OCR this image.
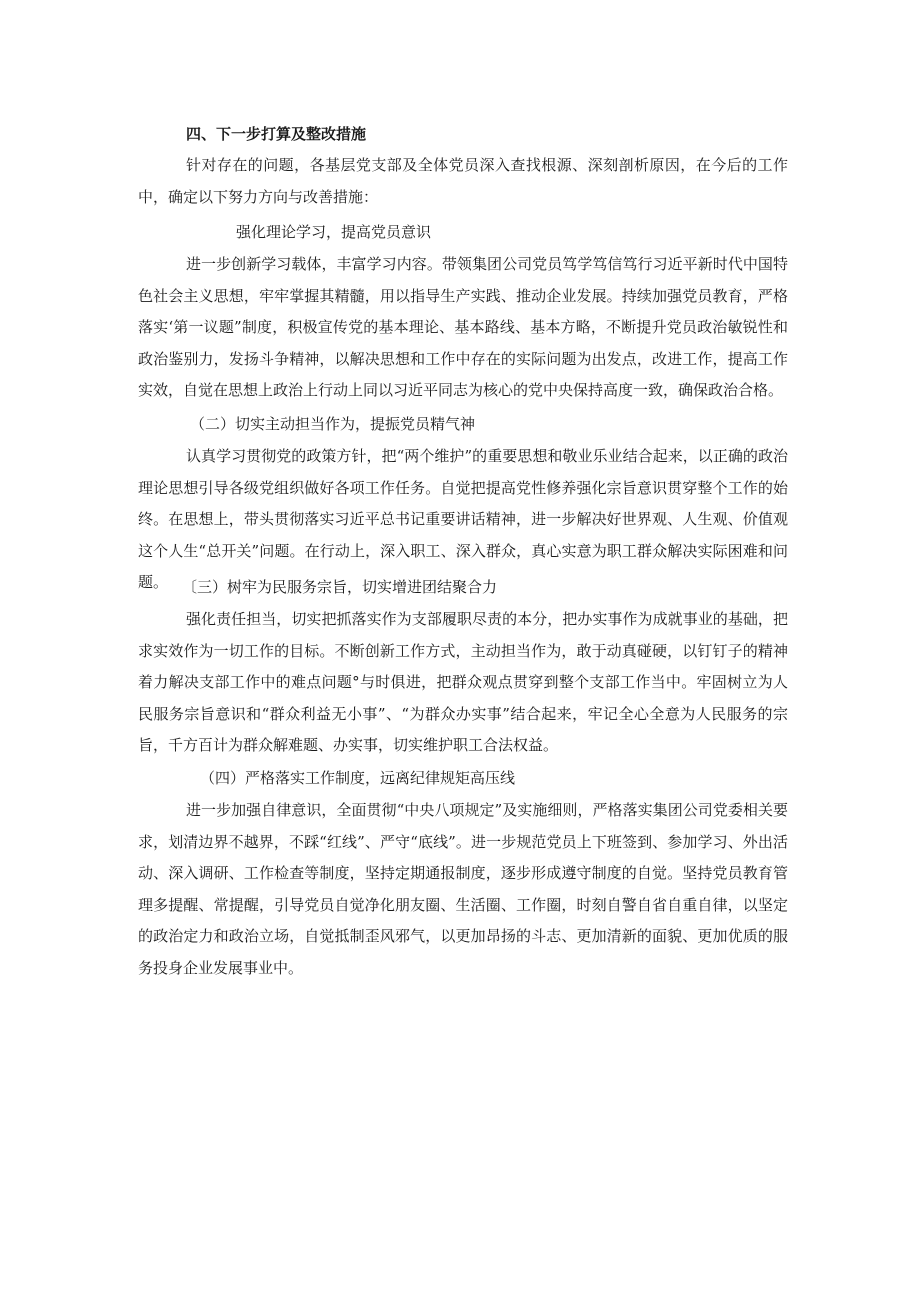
四、下一步打算及整改措施

针对存在的问题，各基层党支部及全体党员深入查找根源、深刻剖析原因，在今后的工作中，确定以下努力方向与改善措施：

强化理论学习，提高党员意识

进一步创新学习载体，丰富学习内容。带领集团公司党员笃学笃信笃行习近平新时代中国特色社会主义思想，牢牢掌握其精髓，用以指导生产实践、推动企业发展。持续加强党员教育，严格落实‘第一议题”制度，积极宣传党的基本理论、基本路线、基本方略，不断提升党员政治敏锐性和政治鉴别力，发扬斗争精神，以解决思想和工作中存在的实际问题为出发点，改进工作，提高工作实效，自觉在思想上政治上行动上同以习近平同志为核心的党中央保持高度一致，确保政治合格。

（二）切实主动担当作为，提振党员精气神

认真学习贯彻党的政策方针，把“两个维护”的重要思想和敬业乐业结合起来，以正确的政治理论思想引导各级党组织做好各项工作任务。自觉把提高党性修养强化宗旨意识贯穿整个工作的始终。在思想上，带头贯彻落实习近平总书记重要讲话精神，进一步解决好世界观、人生观、价值观这个人生“总开关”问题。在行动上，深入职工、深入群众，真心实意为职工群众解决实际困难和问题。 〔三）树牢为民服务宗旨，切实增进团结聚合力

强化责任担当，切实把抓落实作为支部履职尽责的本分，把办实事作为成就事业的基础，把求实效作为一切工作的目标。不断创新工作方式，主动担当作为，敢于动真碰硬，以钉钉子的精神着力解决支部工作中的难点问题°与时俱进，把群众观点贯穿到整个支部工作当中。牢固树立为人民服务宗旨意识和“群众利益无小事”、“为群众办实事”结合起来，牢记全心全意为人民服务的宗旨，千方百计为群众解难题、办实事，切实维护职工合法权益。

（四）严格落实工作制度，远离纪律规矩高压线

进一步加强自律意识，全面贯彻“中央八项规定”及实施细则，严格落实集团公司党委相关要求，划清边界不越界，不踩“红线”、严守“底线”。进一步规范党员上下班签到、参加学习、外出活动、深入调研、工作检查等制度，坚持定期通报制度，逐步形成遵守制度的自觉。坚持党员教育管理多提醒、常提醒，引导党员自觉净化朋友圈、生活圈、工作圈，时刻自警自省自重自律，以坚定的政治定力和政治立场，自觉抵制歪风邪气，以更加昂扬的斗志、更加清新的面貌、更加优质的服务投身企业发展事业中。
